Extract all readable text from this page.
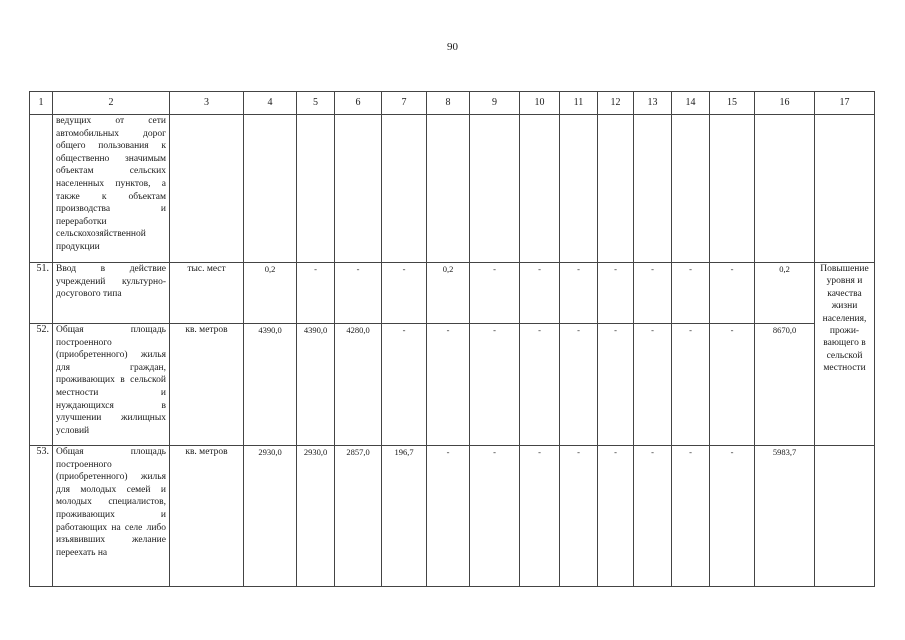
90
1	2	3	4	5	6	7	8	9	10	11	12	13	14	15	16	17
	ведущих от сети автомобильных дорог общего пользования к общественно значимым объектам сельских населенных пунктов, а также к объектам производства и переработки сельскохозяйственной продукции															
51.	Ввод в действие учреждений культурно-досугового типа	тыс. мест	0,2	-	-	-	0,2	-	-	-	-	-	-	-	0,2	Повышение уровня и качества жизни населения, прожи-вающего в сельской местности
52.	Общая площадь построенного (приобретенного) жилья для граждан, проживающих в сельской местности и нуждающихся в улучшении жилищных условий	кв. метров	4390,0	4390,0	4280,0	-	-	-	-	-	-	-	-	-	8670,0	
53.	Общая площадь построенного (приобретенного) жилья для молодых семей и молодых специалистов, проживающих и работающих на селе либо изъявивших желание переехать на	кв. метров	2930,0	2930,0	2857,0	196,7	-	-	-	-	-	-	-	-	5983,7	
